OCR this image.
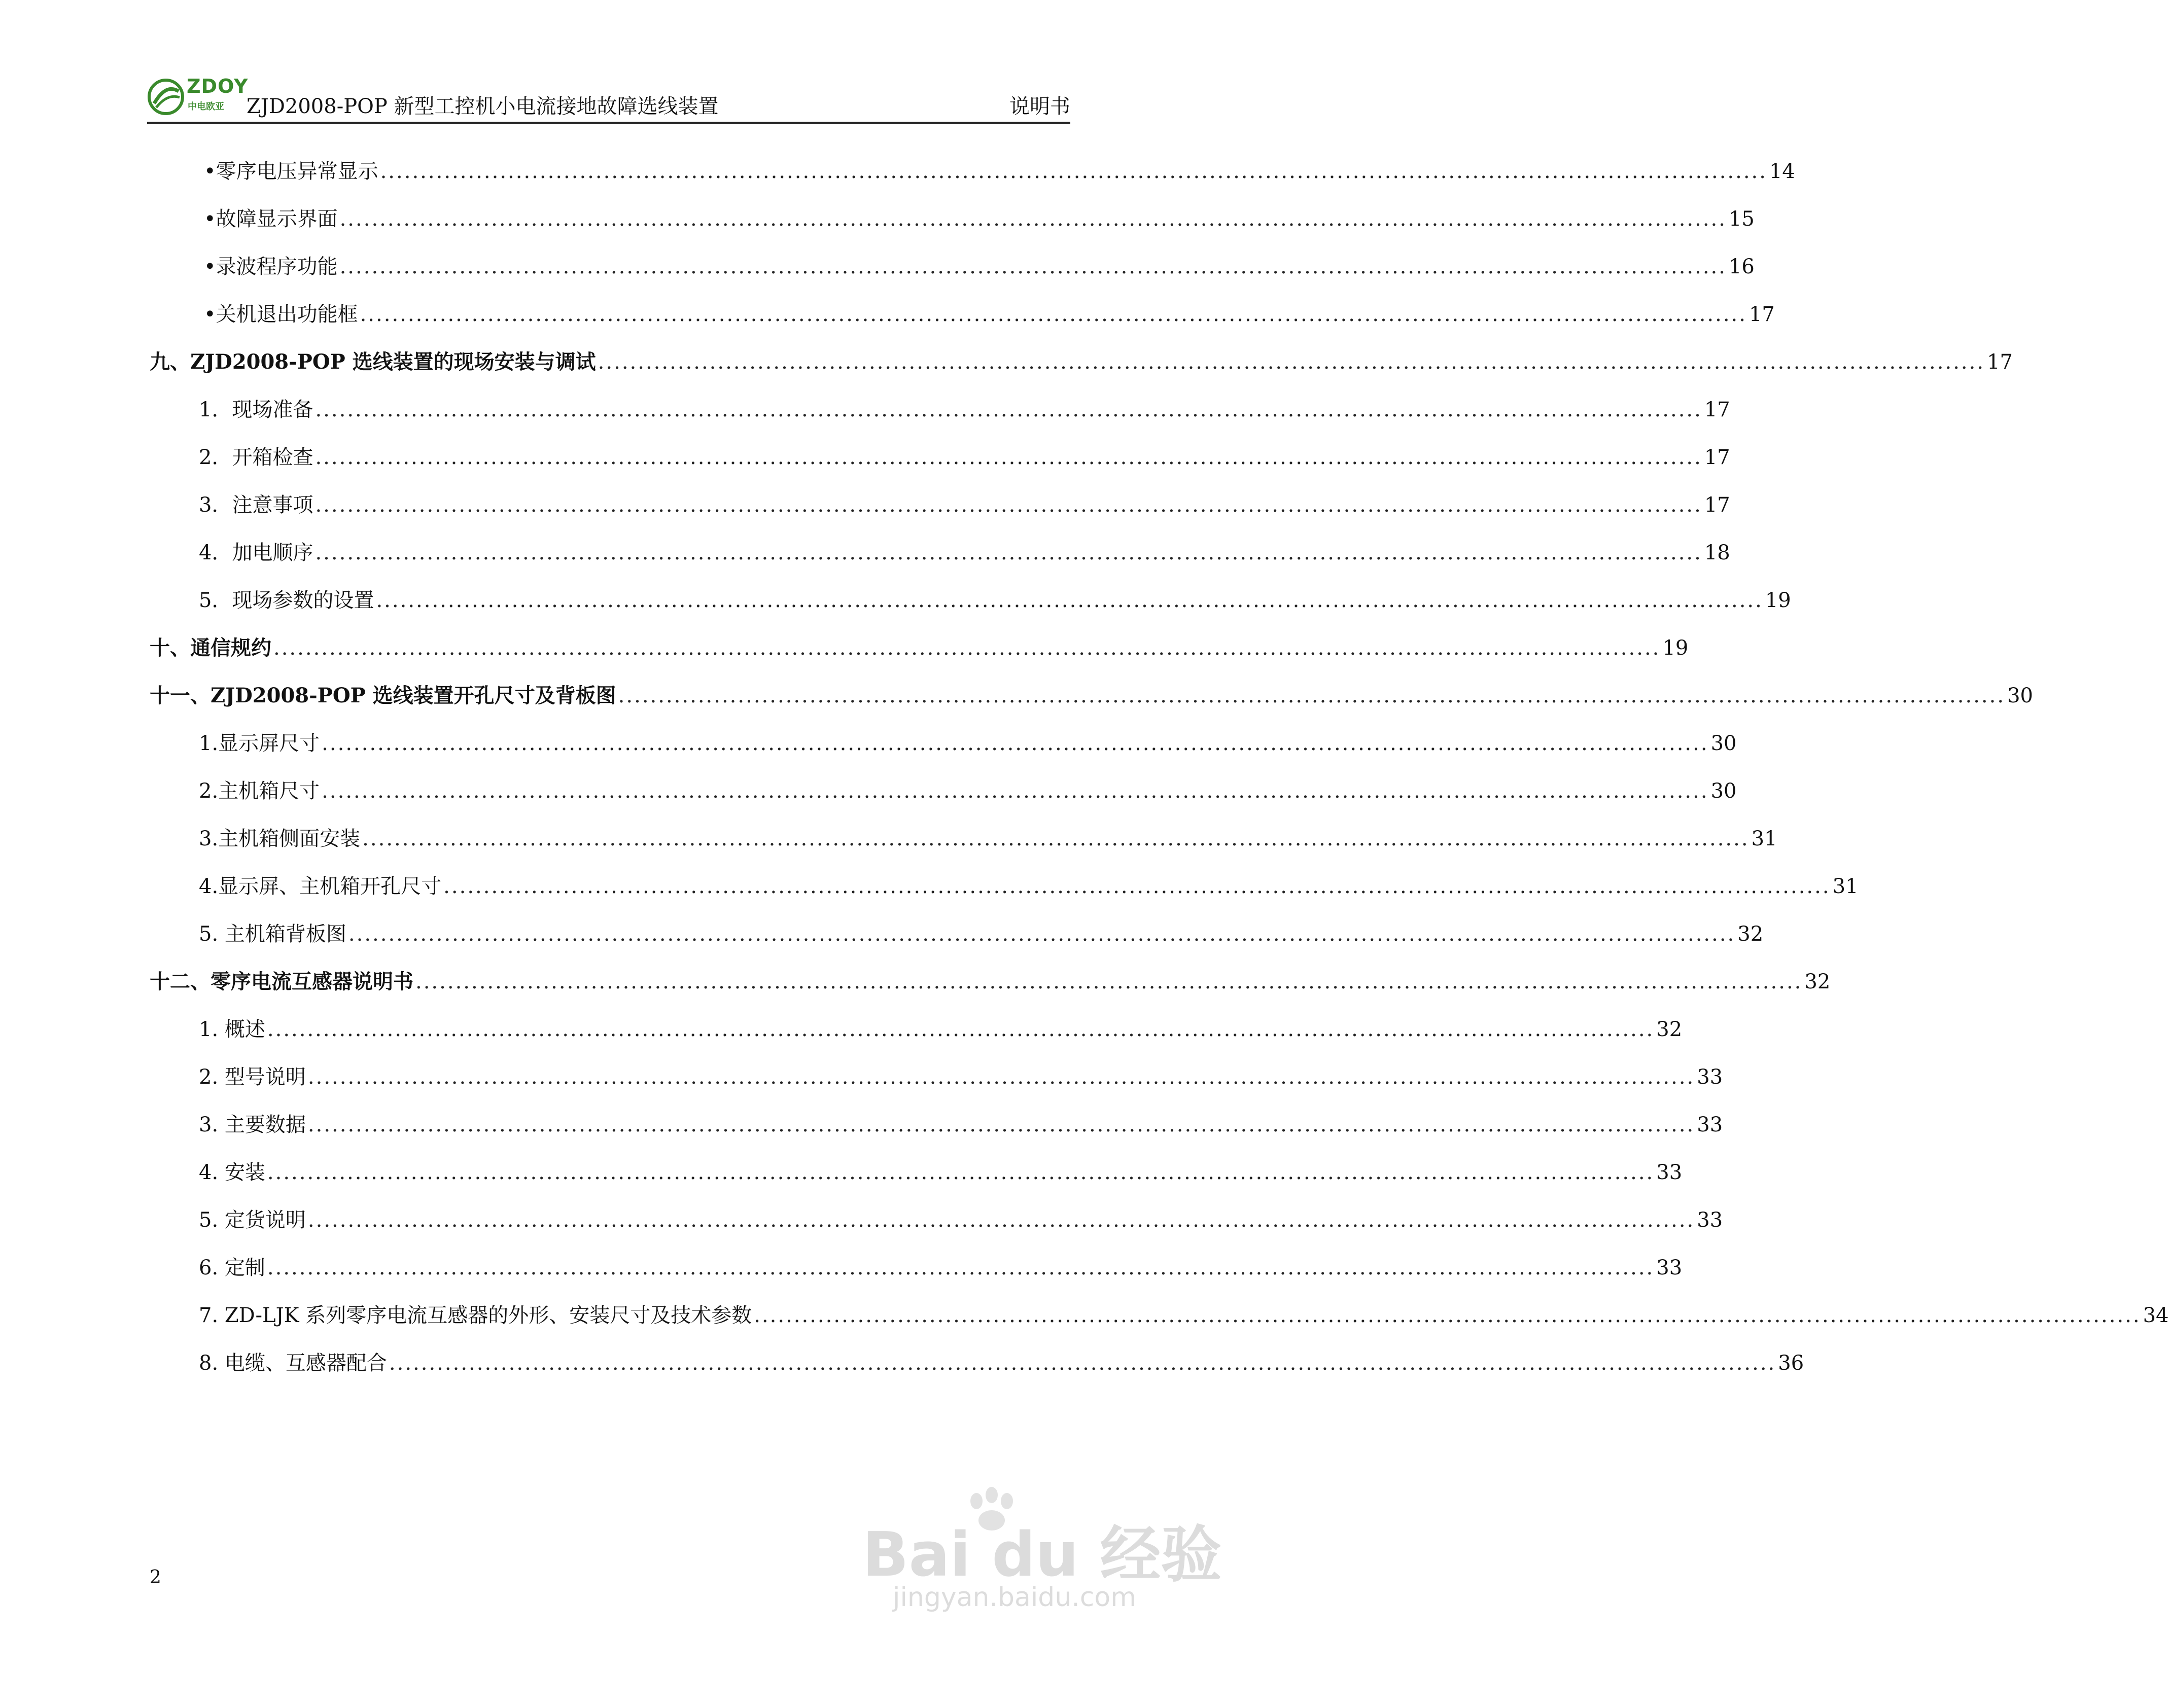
ZDOY
中电欧亚 ZJD2008-POP 新型工控机小电流接地故障选线装置	说明书
•零序电压异常显示 .............................................................................................................................................................................. 14
•故障显示界面 .............................................................................................................................................................................. 15
•录波程序功能 .............................................................................................................................................................................. 16
•关机退出功能框 .............................................................................................................................................................................. 17
九、 ZJD2008-POP 选线装置的现场安装与调试 .............................................................................................................................................................................. 17
1．现场准备 .............................................................................................................................................................................. 17
2．开箱检查 .............................................................................................................................................................................. 17
3．注意事项 .............................................................................................................................................................................. 17
4．加电顺序 .............................................................................................................................................................................. 18
5．现场参数的设置 .............................................................................................................................................................................. 19
十、 通信规约 .............................................................................................................................................................................. 19
十一、ZJD2008-POP 选线装置开孔尺寸及背板图 .............................................................................................................................................................................. 30
1.显示屏尺寸 .............................................................................................................................................................................. 30
2.主机箱尺寸 .............................................................................................................................................................................. 30
3.主机箱侧面安装 .............................................................................................................................................................................. 31
4.显示屏、主机箱开孔尺寸 .............................................................................................................................................................................. 31
5. 主机箱背板图 .............................................................................................................................................................................. 32
十二、 零序电流互感器说明书 .............................................................................................................................................................................. 32
1. 概述 .............................................................................................................................................................................. 32
2. 型号说明 .............................................................................................................................................................................. 33
3. 主要数据 .............................................................................................................................................................................. 33
4. 安装 .............................................................................................................................................................................. 33
5. 定货说明 .............................................................................................................................................................................. 33
6. 定制 .............................................................................................................................................................................. 33
7. ZD-LJK 系列零序电流互感器的外形、安装尺寸及技术参数 .............................................................................................................................................................................. 34
8. 电缆、互感器配合 .............................................................................................................................................................................. 36
2	Bai du 经验
jingyan.baidu.com
